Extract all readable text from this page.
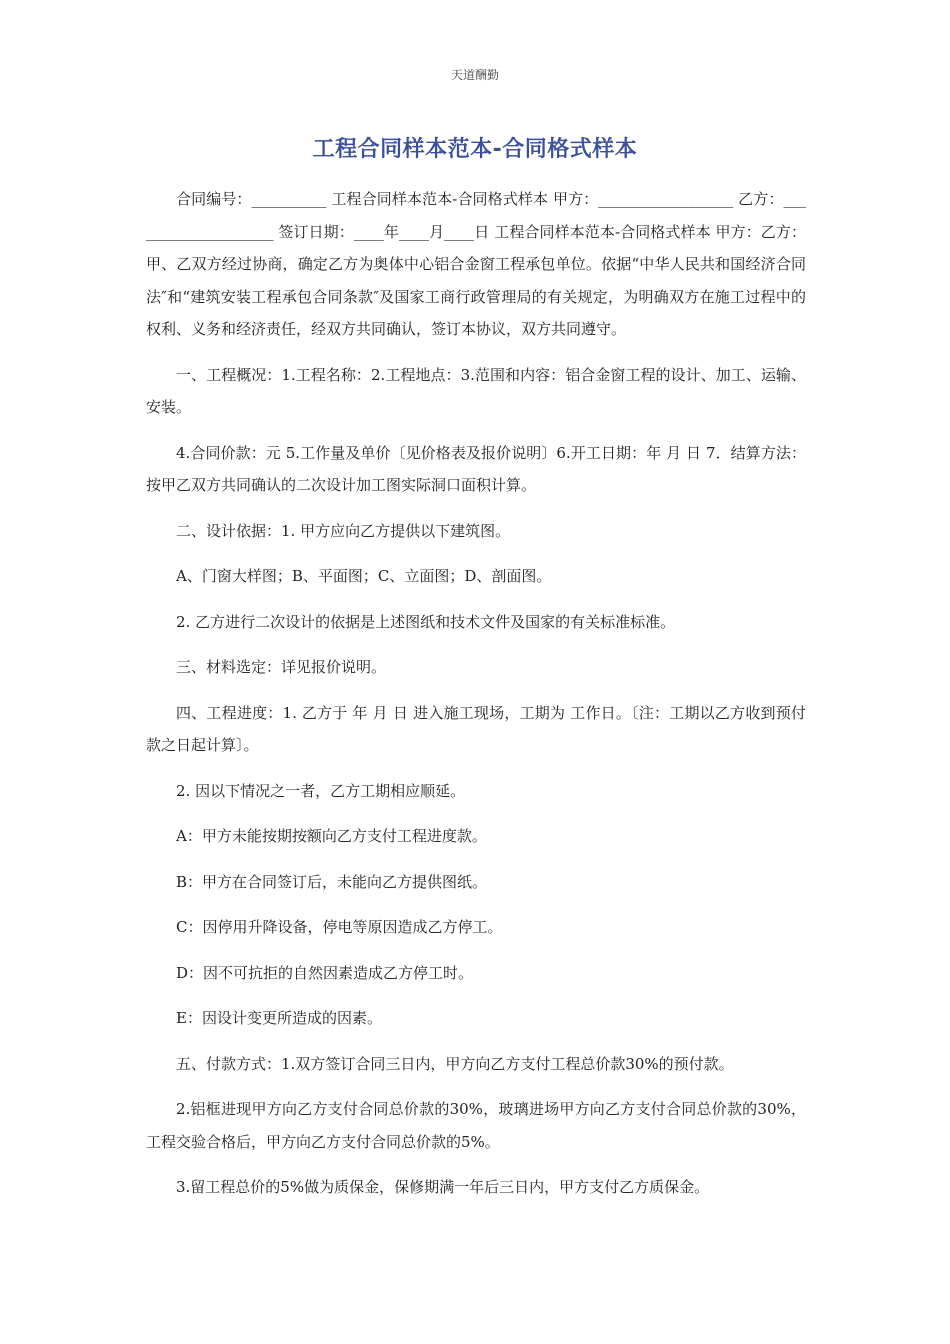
天道酬勤
工程合同样本范本-合同格式样本

合同编号：__________ 工程合同样本范本-合同格式样本 甲方：__________________ 乙方：____________________ 签订日期：____年____月____日 工程合同样本范本-合同格式样本 甲方：乙方：甲、乙双方经过协商，确定乙方为奥体中心铝合金窗工程承包单位。依据“中华人民共和国经济合同法″和“建筑安装工程承包合同条款″及国家工商行政管理局的有关规定，为明确双方在施工过程中的权利、义务和经济责任，经双方共同确认，签订本协议，双方共同遵守。

一、工程概况：1.工程名称：2.工程地点：3.范围和内容：铝合金窗工程的设计、加工、运输、安装。

4.合同价款：元 5.工作量及单价〔见价格表及报价说明〕6.开工日期：年 月 日 7．结算方法：按甲乙双方共同确认的二次设计加工图实际洞口面积计算。

二、设计依据：1. 甲方应向乙方提供以下建筑图。

A、门窗大样图；B、平面图；C、立面图；D、剖面图。

2. 乙方进行二次设计的依据是上述图纸和技术文件及国家的有关标准标准。

三、材料选定：详见报价说明。

四、工程进度：1. 乙方于 年 月 日 进入施工现场，工期为 工作日。〔注：工期以乙方收到预付款之日起计算〕。

2. 因以下情况之一者，乙方工期相应顺延。

A：甲方未能按期按额向乙方支付工程进度款。

B：甲方在合同签订后，未能向乙方提供图纸。

C：因停用升降设备，停电等原因造成乙方停工。

D：因不可抗拒的自然因素造成乙方停工时。

E：因设计变更所造成的因素。

五、付款方式：1.双方签订合同三日内，甲方向乙方支付工程总价款30%的预付款。

2.铝框进现甲方向乙方支付合同总价款的30%，玻璃进场甲方向乙方支付合同总价款的30%，工程交验合格后，甲方向乙方支付合同总价款的5%。

3.留工程总价的5%做为质保金，保修期满一年后三日内，甲方支付乙方质保金。
